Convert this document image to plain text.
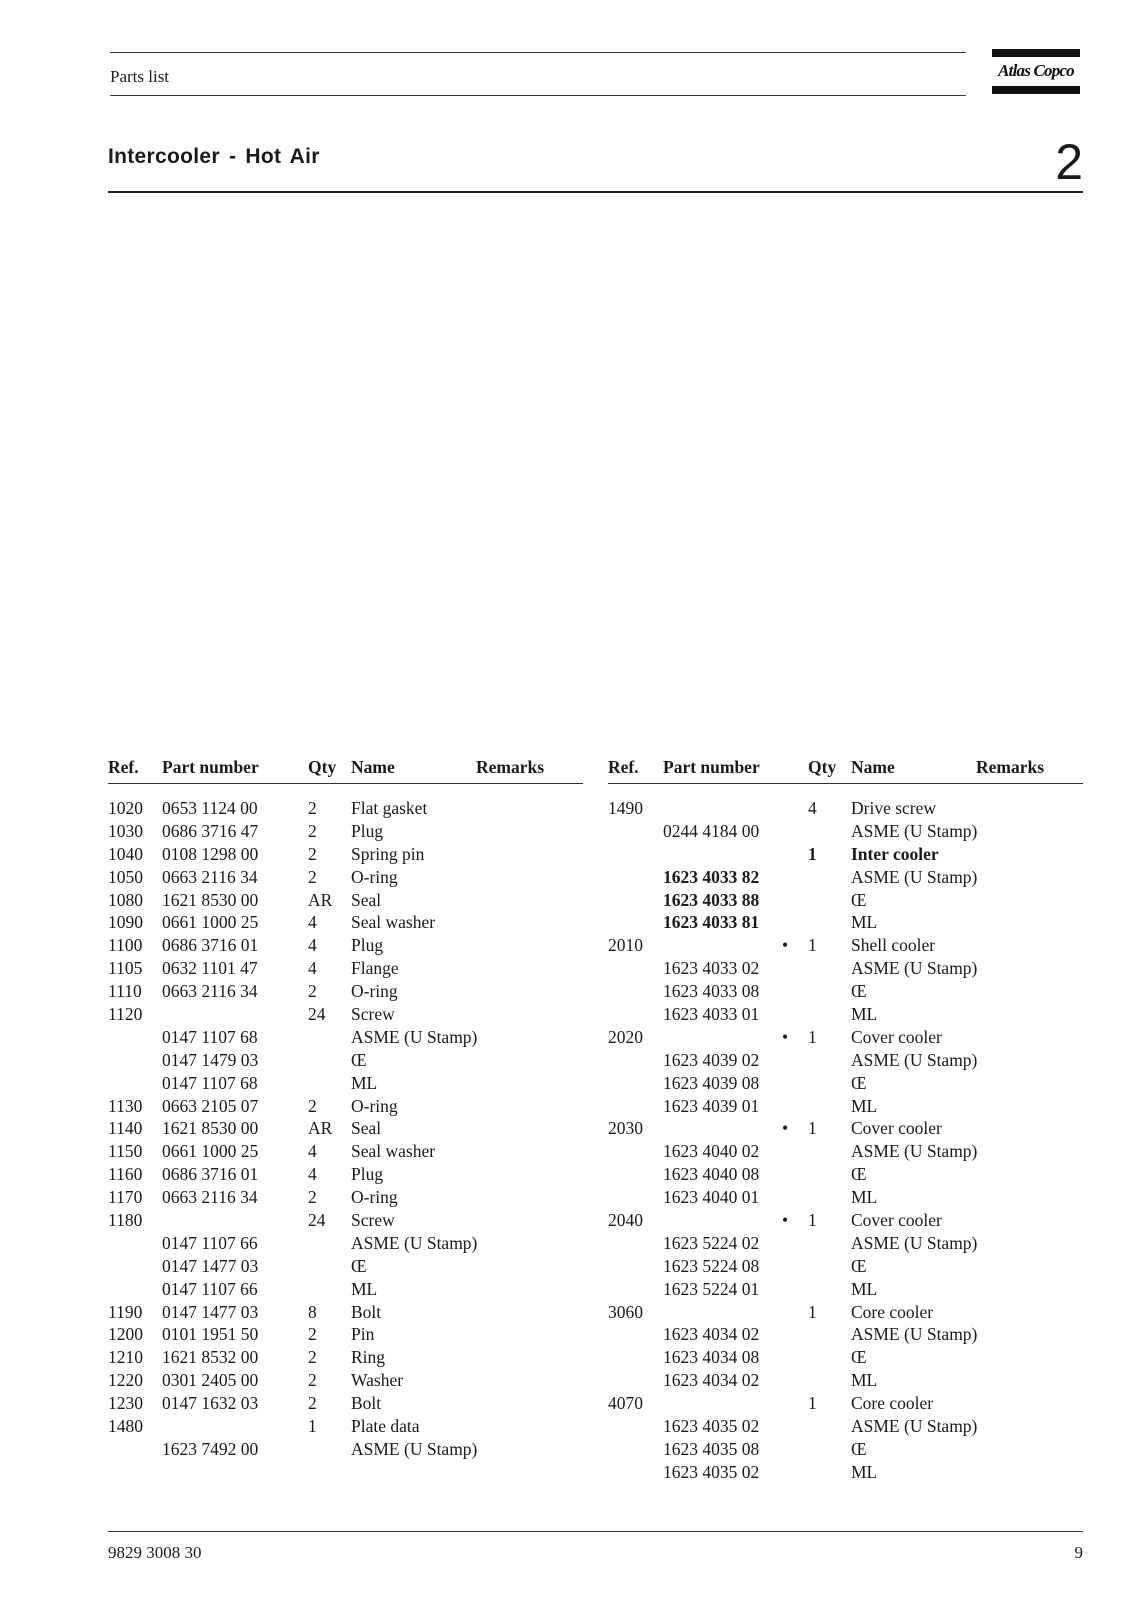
Parts list	Atlas Copco
Intercooler - Hot Air	2
Ref. Part number	Qty Name	Remarks
1020 0653 1124 00	2 Flat gasket
1030 0686 3716 47	2 Plug
1040 0108 1298 00	2 Spring pin
1050 0663 2116 34	2 O-ring
1080 1621 8530 00	AR Seal
1090 0661 1000 25	4 Seal washer
1100 0686 3716 01	4 Plug
1105 0632 1101 47	4 Flange
1110 0663 2116 34	2 O-ring
1120	24 Screw
0147 1107 68	ASME (U Stamp)
0147 1479 03	Œ
0147 1107 68	ML
1130 0663 2105 07	2 O-ring
1140 1621 8530 00	AR Seal
1150 0661 1000 25	4 Seal washer
1160 0686 3716 01	4 Plug
1170 0663 2116 34	2 O-ring
1180	24 Screw
0147 1107 66	ASME (U Stamp)
0147 1477 03	Œ
0147 1107 66	ML
1190 0147 1477 03	8 Bolt
1200 0101 1951 50	2 Pin
1210 1621 8532 00	2 Ring
1220 0301 2405 00	2 Washer
1230 0147 1632 03	2 Bolt
1480	1 Plate data
1623 7492 00	ASME (U Stamp)
Ref. Part number	Qty Name	Remarks
1490	4 Drive screw
0244 4184 00	ASME (U Stamp)
1 Inter cooler
1623 4033 82	ASME (U Stamp)
1623 4033 88	Œ
1623 4033 81	ML
2010	• 1 Shell cooler
1623 4033 02	ASME (U Stamp)
1623 4033 08	Œ
1623 4033 01	ML
2020	• 1 Cover cooler
1623 4039 02	ASME (U Stamp)
1623 4039 08	Œ
1623 4039 01	ML
2030	• 1 Cover cooler
1623 4040 02	ASME (U Stamp)
1623 4040 08	Œ
1623 4040 01	ML
2040	• 1 Cover cooler
1623 5224 02	ASME (U Stamp)
1623 5224 08	Œ
1623 5224 01	ML
3060	1 Core cooler
1623 4034 02	ASME (U Stamp)
1623 4034 08	Œ
1623 4034 02	ML
4070	1 Core cooler
1623 4035 02	ASME (U Stamp)
1623 4035 08	Œ
1623 4035 02	ML
9829 3008 30	9
